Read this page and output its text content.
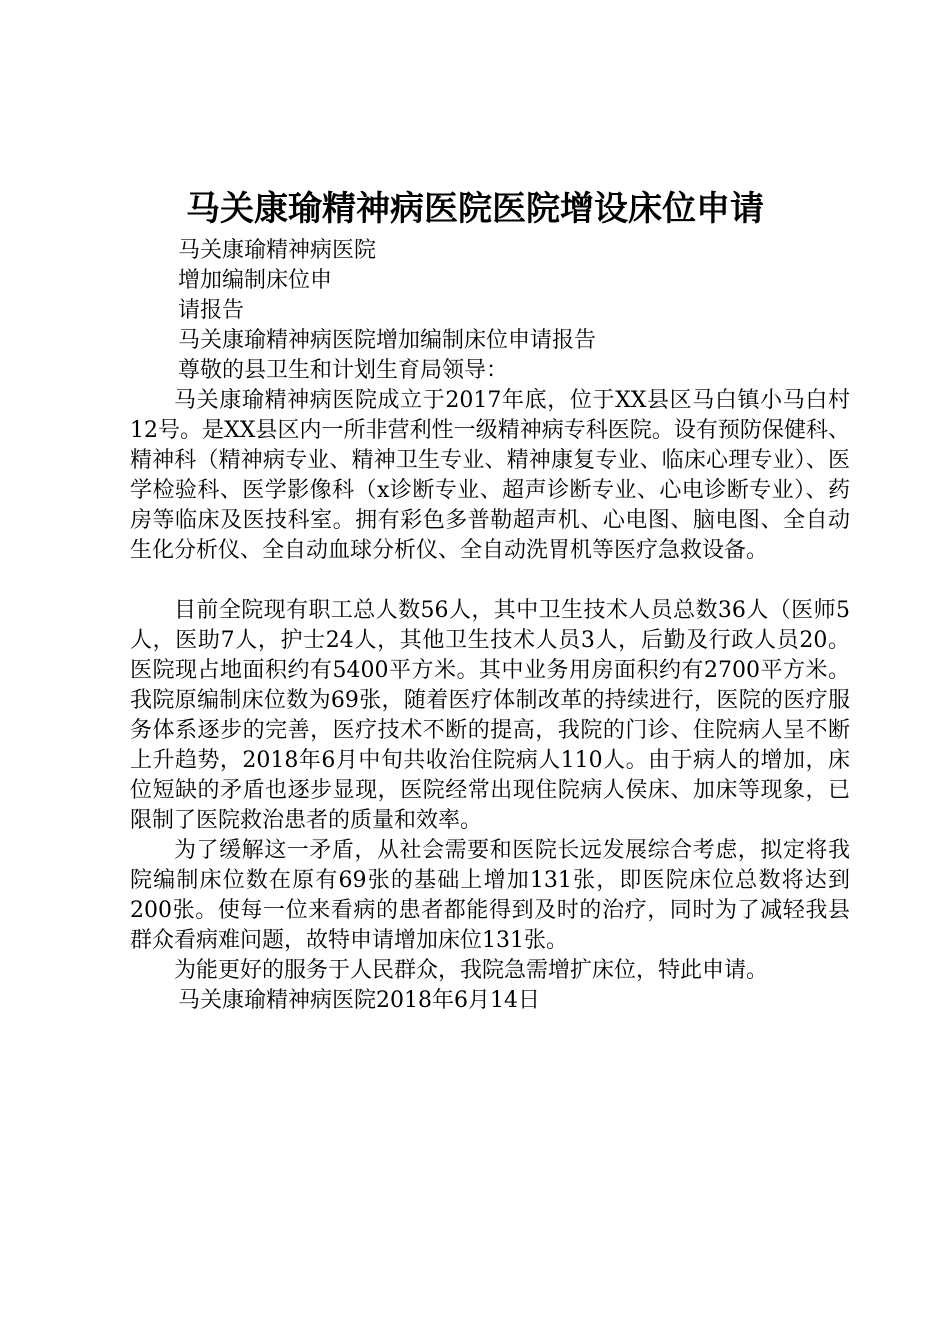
马关康瑜精神病医院医院增设床位申请

马关康瑜精神病医院

增加编制床位申

请报告

马关康瑜精神病医院增加编制床位申请报告

尊敬的县卫生和计划生育局领导：

马关康瑜精神病医院成立于2017年底，位于XX县区马白镇小马白村12号。是XX县区内一所非营利性一级精神病专科医院。设有预防保健科、精神科（精神病专业、精神卫生专业、精神康复专业、临床心理专业）、医学检验科、医学影像科（x诊断专业、超声诊断专业、心电诊断专业）、药房等临床及医技科室。拥有彩色多普勒超声机、心电图、脑电图、全自动生化分析仪、全自动血球分析仪、全自动洗胃机等医疗急救设备。

目前全院现有职工总人数56人，其中卫生技术人员总数36人（医师5人，医助7人，护士24人，其他卫生技术人员3人，后勤及行政人员20。医院现占地面积约有5400平方米。其中业务用房面积约有2700平方米。我院原编制床位数为69张，随着医疗体制改革的持续进行，医院的医疗服务体系逐步的完善，医疗技术不断的提高，我院的门诊、住院病人呈不断上升趋势，2018年6月中旬共收治住院病人110人。由于病人的增加，床位短缺的矛盾也逐步显现，医院经常出现住院病人侯床、加床等现象，已限制了医院救治患者的质量和效率。

为了缓解这一矛盾，从社会需要和医院长远发展综合考虑，拟定将我院编制床位数在原有69张的基础上增加131张，即医院床位总数将达到200张。使每一位来看病的患者都能得到及时的治疗，同时为了减轻我县群众看病难问题，故特申请增加床位131张。

为能更好的服务于人民群众，我院急需增扩床位，特此申请。

马关康瑜精神病医院2018年6月14日
